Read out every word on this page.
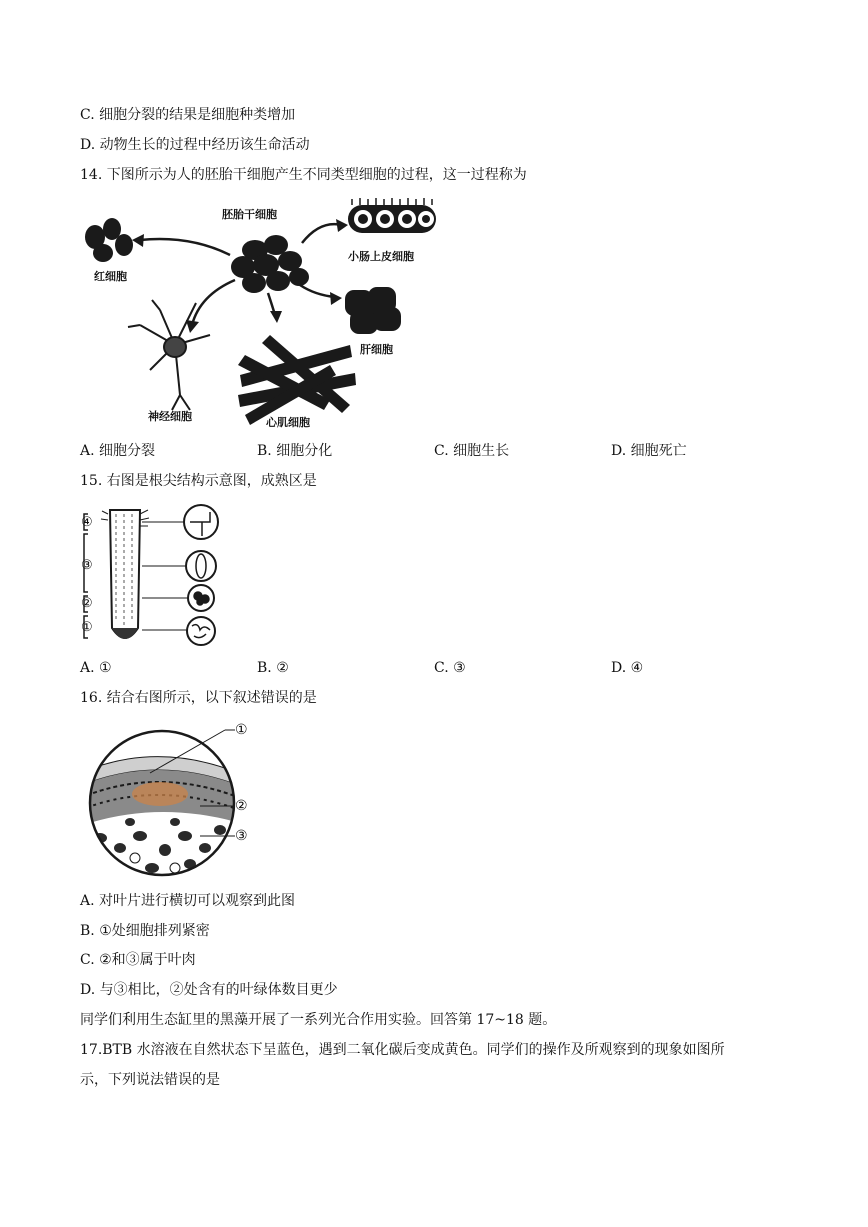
C. 细胞分裂的结果是细胞种类增加
D. 动物生长的过程中经历该生命活动
14. 下图所示为人的胚胎干细胞产生不同类型细胞的过程，这一过程称为
胚胎干细胞
小肠上皮细胞
红细胞
肝细胞
神经细胞	心肌细胞
A. 细胞分裂	B. 细胞分化	C. 细胞生长	D. 细胞死亡
15. 右图是根尖结构示意图，成熟区是
④
③
②
①
A. ①	B. ②	C. ③	D. ④
16. 结合右图所示，以下叙述错误的是
①
②
③
A. 对叶片进行横切可以观察到此图
B. ①处细胞排列紧密
C. ②和③属于叶肉
D. 与③相比，②处含有的叶绿体数目更少
同学们利用生态缸里的黑藻开展了一系列光合作用实验。回答第 17~18 题。
17.BTB 水溶液在自然状态下呈蓝色，遇到二氧化碳后变成黄色。同学们的操作及所观察到的现象如图所
示，下列说法错误的是
